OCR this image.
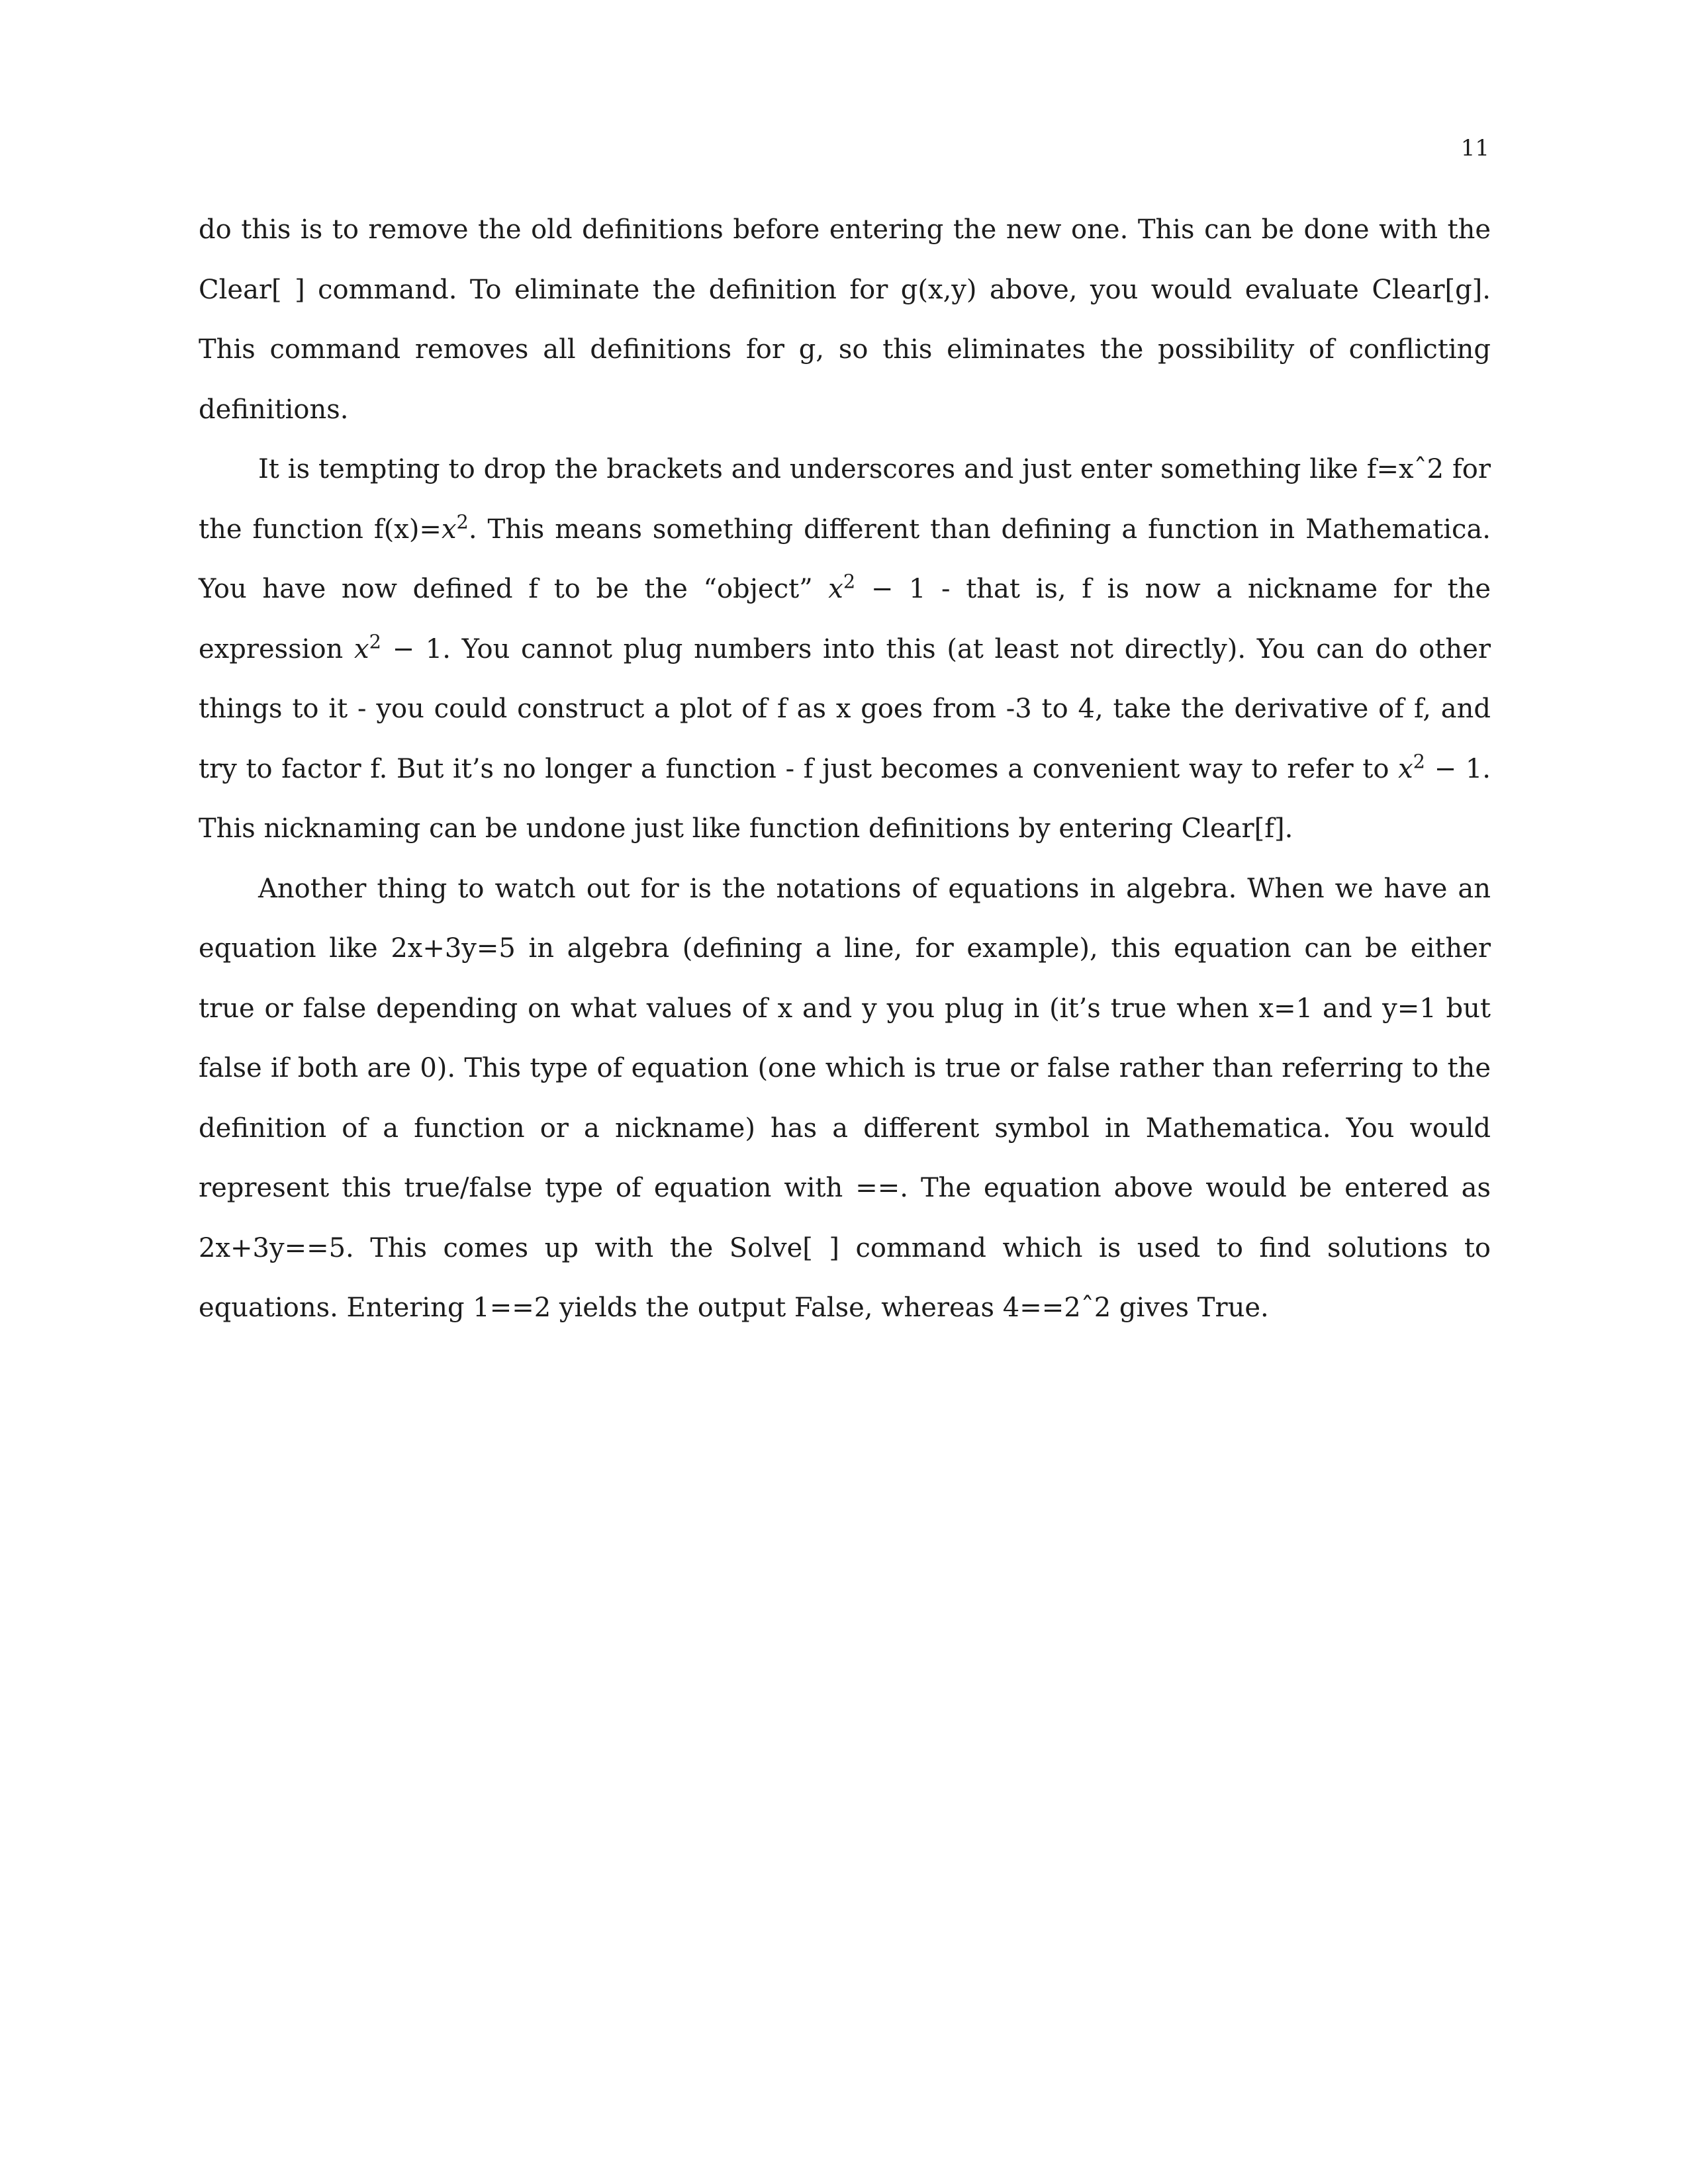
11

do this is to remove the old definitions before entering the new one. This can be done with the Clear[ ] command. To eliminate the definition for g(x,y) above, you would evaluate Clear[g]. This command removes all definitions for g, so this eliminates the possibility of conflicting definitions.

It is tempting to drop the brackets and underscores and just enter something like f=xˆ2 for the function $f(x)=x^2$. This means something different than defining a function in Mathematica. You have now defined f to be the “object” $x^2 - 1$ - that is, f is now a nickname for the expression $x^2 - 1$. You cannot plug numbers into this (at least not directly). You can do other things to it - you could construct a plot of f as x goes from -3 to 4, take the derivative of f, and try to factor f. But it’s no longer a function - f just becomes a convenient way to refer to $x^2 - 1$. This nicknaming can be undone just like function definitions by entering Clear[f].

Another thing to watch out for is the notations of equations in algebra. When we have an equation like 2x+3y=5 in algebra (defining a line, for example), this equation can be either true or false depending on what values of x and y you plug in (it’s true when x=1 and y=1 but false if both are 0). This type of equation (one which is true or false rather than referring to the definition of a function or a nickname) has a different symbol in Mathematica. You would represent this true/false type of equation with ==. The equation above would be entered as 2x+3y==5. This comes up with the Solve[ ] command which is used to find solutions to equations. Entering 1==2 yields the output False, whereas 4==2ˆ2 gives True.
